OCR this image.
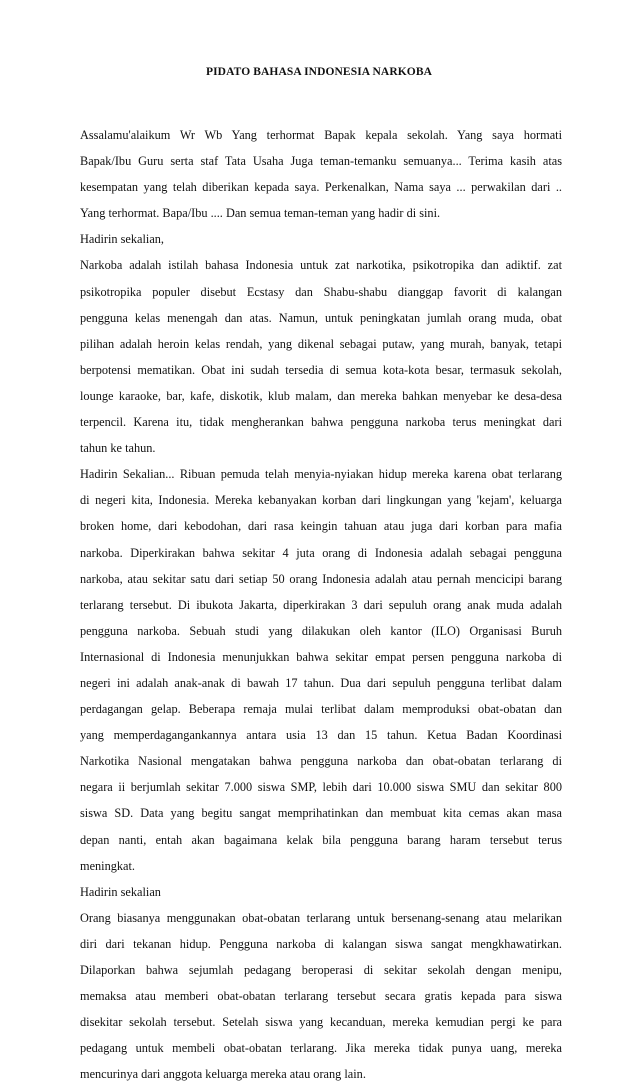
PIDATO BAHASA INDONESIA NARKOBA
Assalamu'alaikum Wr Wb Yang terhormat Bapak kepala sekolah. Yang saya hormati
Bapak/Ibu Guru serta staf Tata Usaha Juga teman-temanku semuanya... Terima kasih atas
kesempatan yang telah diberikan kepada saya. Perkenalkan, Nama saya ... perwakilan dari ..
Yang terhormat. Bapa/Ibu .... Dan semua teman-teman yang hadir di sini.
Hadirin sekalian,
Narkoba adalah istilah bahasa Indonesia untuk zat narkotika, psikotropika dan adiktif. zat
psikotropika populer disebut Ecstasy dan Shabu-shabu dianggap favorit di kalangan
pengguna kelas menengah dan atas. Namun, untuk peningkatan jumlah orang muda, obat
pilihan adalah heroin kelas rendah, yang dikenal sebagai putaw, yang murah, banyak, tetapi
berpotensi mematikan. Obat ini sudah tersedia di semua kota-kota besar, termasuk sekolah,
lounge karaoke, bar, kafe, diskotik, klub malam, dan mereka bahkan menyebar ke desa-desa
terpencil. Karena itu, tidak mengherankan bahwa pengguna narkoba terus meningkat dari
tahun ke tahun.
Hadirin Sekalian... Ribuan pemuda telah menyia-nyiakan hidup mereka karena obat terlarang
di negeri kita, Indonesia. Mereka kebanyakan korban dari lingkungan yang 'kejam', keluarga
broken home, dari kebodohan, dari rasa keingin tahuan atau juga dari korban para mafia
narkoba. Diperkirakan bahwa sekitar 4 juta orang di Indonesia adalah sebagai pengguna
narkoba, atau sekitar satu dari setiap 50 orang Indonesia adalah atau pernah mencicipi barang
terlarang tersebut. Di ibukota Jakarta, diperkirakan 3 dari sepuluh orang anak muda adalah
pengguna narkoba. Sebuah studi yang dilakukan oleh kantor (ILO) Organisasi Buruh
Internasional di Indonesia menunjukkan bahwa sekitar empat persen pengguna narkoba di
negeri ini adalah anak-anak di bawah 17 tahun. Dua dari sepuluh pengguna terlibat dalam
perdagangan gelap. Beberapa remaja mulai terlibat dalam memproduksi obat-obatan dan
yang memperdagangankannya antara usia 13 dan 15 tahun. Ketua Badan Koordinasi
Narkotika Nasional mengatakan bahwa pengguna narkoba dan obat-obatan terlarang di
negara ii berjumlah sekitar 7.000 siswa SMP, lebih dari 10.000 siswa SMU dan sekitar 800
siswa SD. Data yang begitu sangat memprihatinkan dan membuat kita cemas akan masa
depan nanti, entah akan bagaimana kelak bila pengguna barang haram tersebut terus
meningkat.
Hadirin sekalian
Orang biasanya menggunakan obat-obatan terlarang untuk bersenang-senang atau melarikan
diri dari tekanan hidup. Pengguna narkoba di kalangan siswa sangat mengkhawatirkan.
Dilaporkan bahwa sejumlah pedagang beroperasi di sekitar sekolah dengan menipu,
memaksa atau memberi obat-obatan terlarang tersebut secara gratis kepada para siswa
disekitar sekolah tersebut. Setelah siswa yang kecanduan, mereka kemudian pergi ke para
pedagang untuk membeli obat-obatan terlarang. Jika mereka tidak punya uang, mereka
mencurinya dari anggota keluarga mereka atau orang lain.
